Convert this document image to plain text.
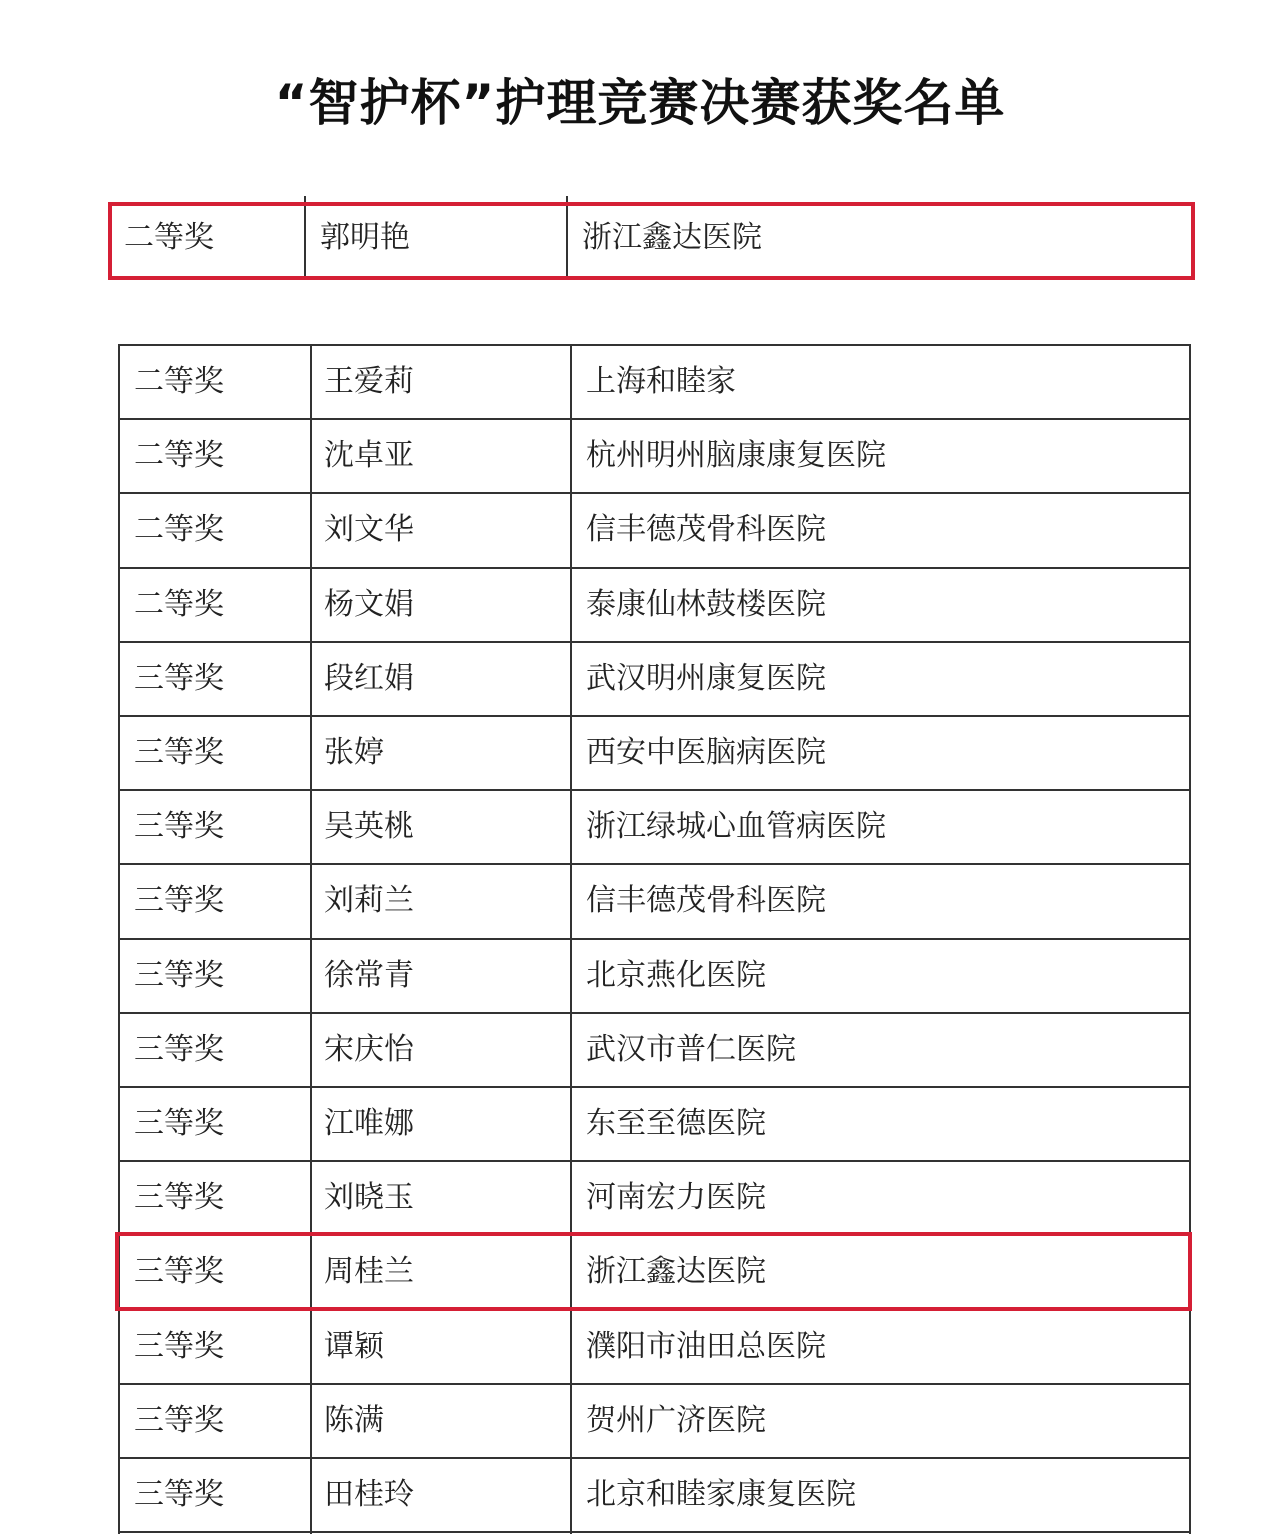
“智护杯”护理竞赛决赛获奖名单
二等奖	郭明艳	浙江鑫达医院
二等奖	王爱莉	上海和睦家
二等奖	沈卓亚	杭州明州脑康康复医院
二等奖	刘文华	信丰德茂骨科医院
二等奖	杨文娟	泰康仙林鼓楼医院
三等奖	段红娟	武汉明州康复医院
三等奖	张婷	西安中医脑病医院
三等奖	吴英桃	浙江绿城心血管病医院
三等奖	刘莉兰	信丰德茂骨科医院
三等奖	徐常青	北京燕化医院
三等奖	宋庆怡	武汉市普仁医院
三等奖	江唯娜	东至至德医院
三等奖	刘晓玉	河南宏力医院
三等奖	周桂兰	浙江鑫达医院
三等奖	谭颖	濮阳市油田总医院
三等奖	陈满	贺州广济医院
三等奖	田桂玲	北京和睦家康复医院
